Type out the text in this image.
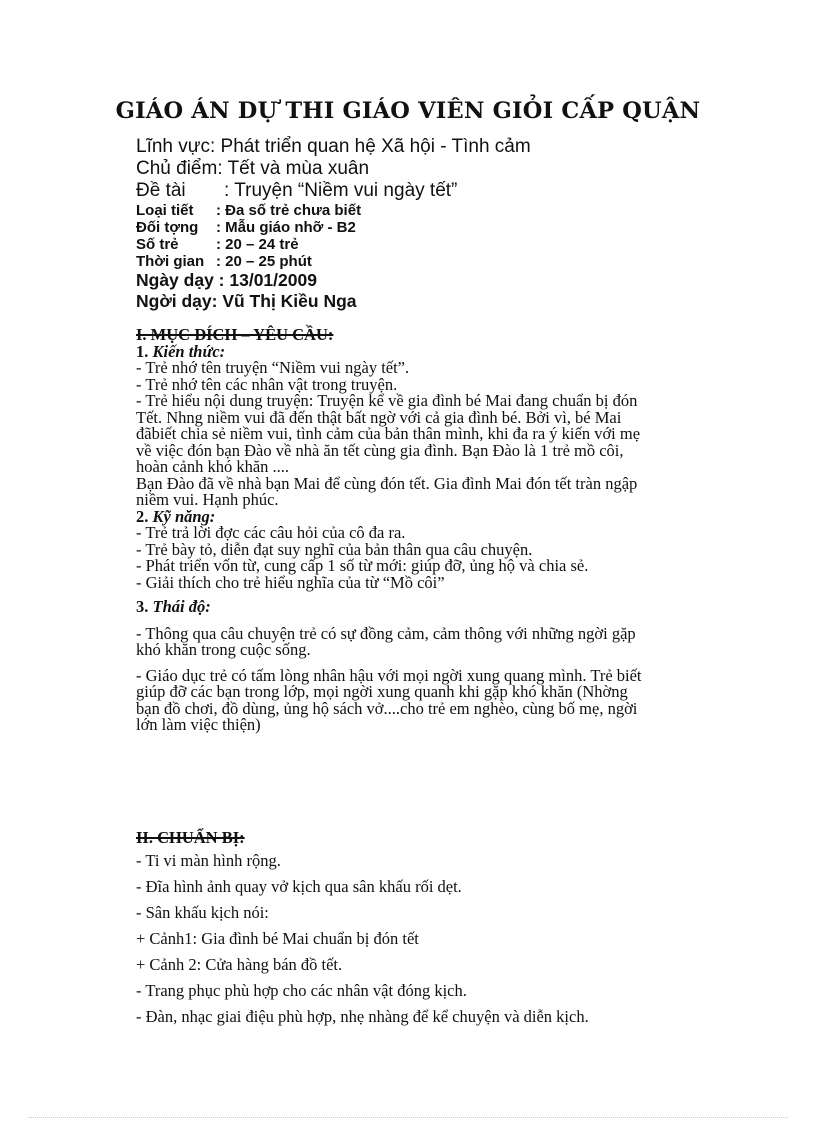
GIÁO ÁN DỰ THI GIÁO VIÊN GIỎI CẤP QUẬN
Lĩnh vực: Phát triển quan hệ Xã hội - Tình cảm
Chủ điểm: Tết và mùa xuân
Đề tài : Truyện “Niềm vui ngày tết”
Loại tiết : Đa số trẻ chưa biết
Đối tợng : Mẫu giáo nhỡ - B2
Số trẻ : 20 – 24 trẻ
Thời gian : 20 – 25 phút
Ngày dạy : 13/01/2009
Ngời dạy: Vũ Thị Kiều Nga

I. MỤC ĐÍCH – YÊU CẦU:

1. Kiến thức:

- Trẻ nhớ tên truyện “Niềm vui ngày tết”.

- Trẻ nhớ tên các nhân vật trong truyện.

- Trẻ hiểu nội dung truyện: Truyện kể về gia đình bé Mai đang chuẩn bị đón

Tết. Nhng niềm vui đã đến thật bất ngờ với cả gia đình bé. Bởi vì, bé Mai

đãbiết chia sẻ niềm vui, tình cảm của bản thân mình, khi đa ra ý kiến với mẹ

về việc đón bạn Đào về nhà ăn tết cùng gia đình. Bạn Đào là 1 trẻ mồ côi,

hoàn cảnh khó khăn ....

Bạn Đào đã về nhà bạn Mai để cùng đón tết. Gia đình Mai đón tết tràn ngập

niềm vui. Hạnh phúc.

2. Kỹ năng:

- Trẻ trả lời đợc các câu hỏi của cô đa ra.

- Trẻ bày tỏ, diễn đạt suy nghĩ của bản thân qua câu chuyện.

- Phát triển vốn từ, cung cấp 1 số từ mới: giúp đỡ, ủng hộ và chia sẻ.

- Giải thích cho trẻ hiểu nghĩa của từ “Mồ côi”

3. Thái độ:

- Thông qua câu chuyện trẻ có sự đồng cảm, cảm thông với những ngời gặp

khó khăn trong cuộc sống.

- Giáo dục trẻ có tấm lòng nhân hậu với mọi ngời xung quang mình. Trẻ biết

giúp đỡ các bạn trong lớp, mọi ngời xung quanh khi gặp khó khăn (Nhờng

bạn đồ chơi, đồ dùng, ủng hộ sách vở....cho trẻ em nghèo, cùng bố mẹ, ngời

lớn làm việc thiện)

II. CHUẨN BỊ:

- Ti vi màn hình rộng.

- Đĩa hình ảnh quay vở kịch qua sân khấu rối dẹt.

- Sân khấu kịch nói:

+ Cảnh1: Gia đình bé Mai chuẩn bị đón tết

+ Cảnh 2: Cửa hàng bán đồ tết.

- Trang phục phù hợp cho các nhân vật đóng kịch.

- Đàn, nhạc giai điệu phù hợp, nhẹ nhàng để kể chuyện và diễn kịch.
